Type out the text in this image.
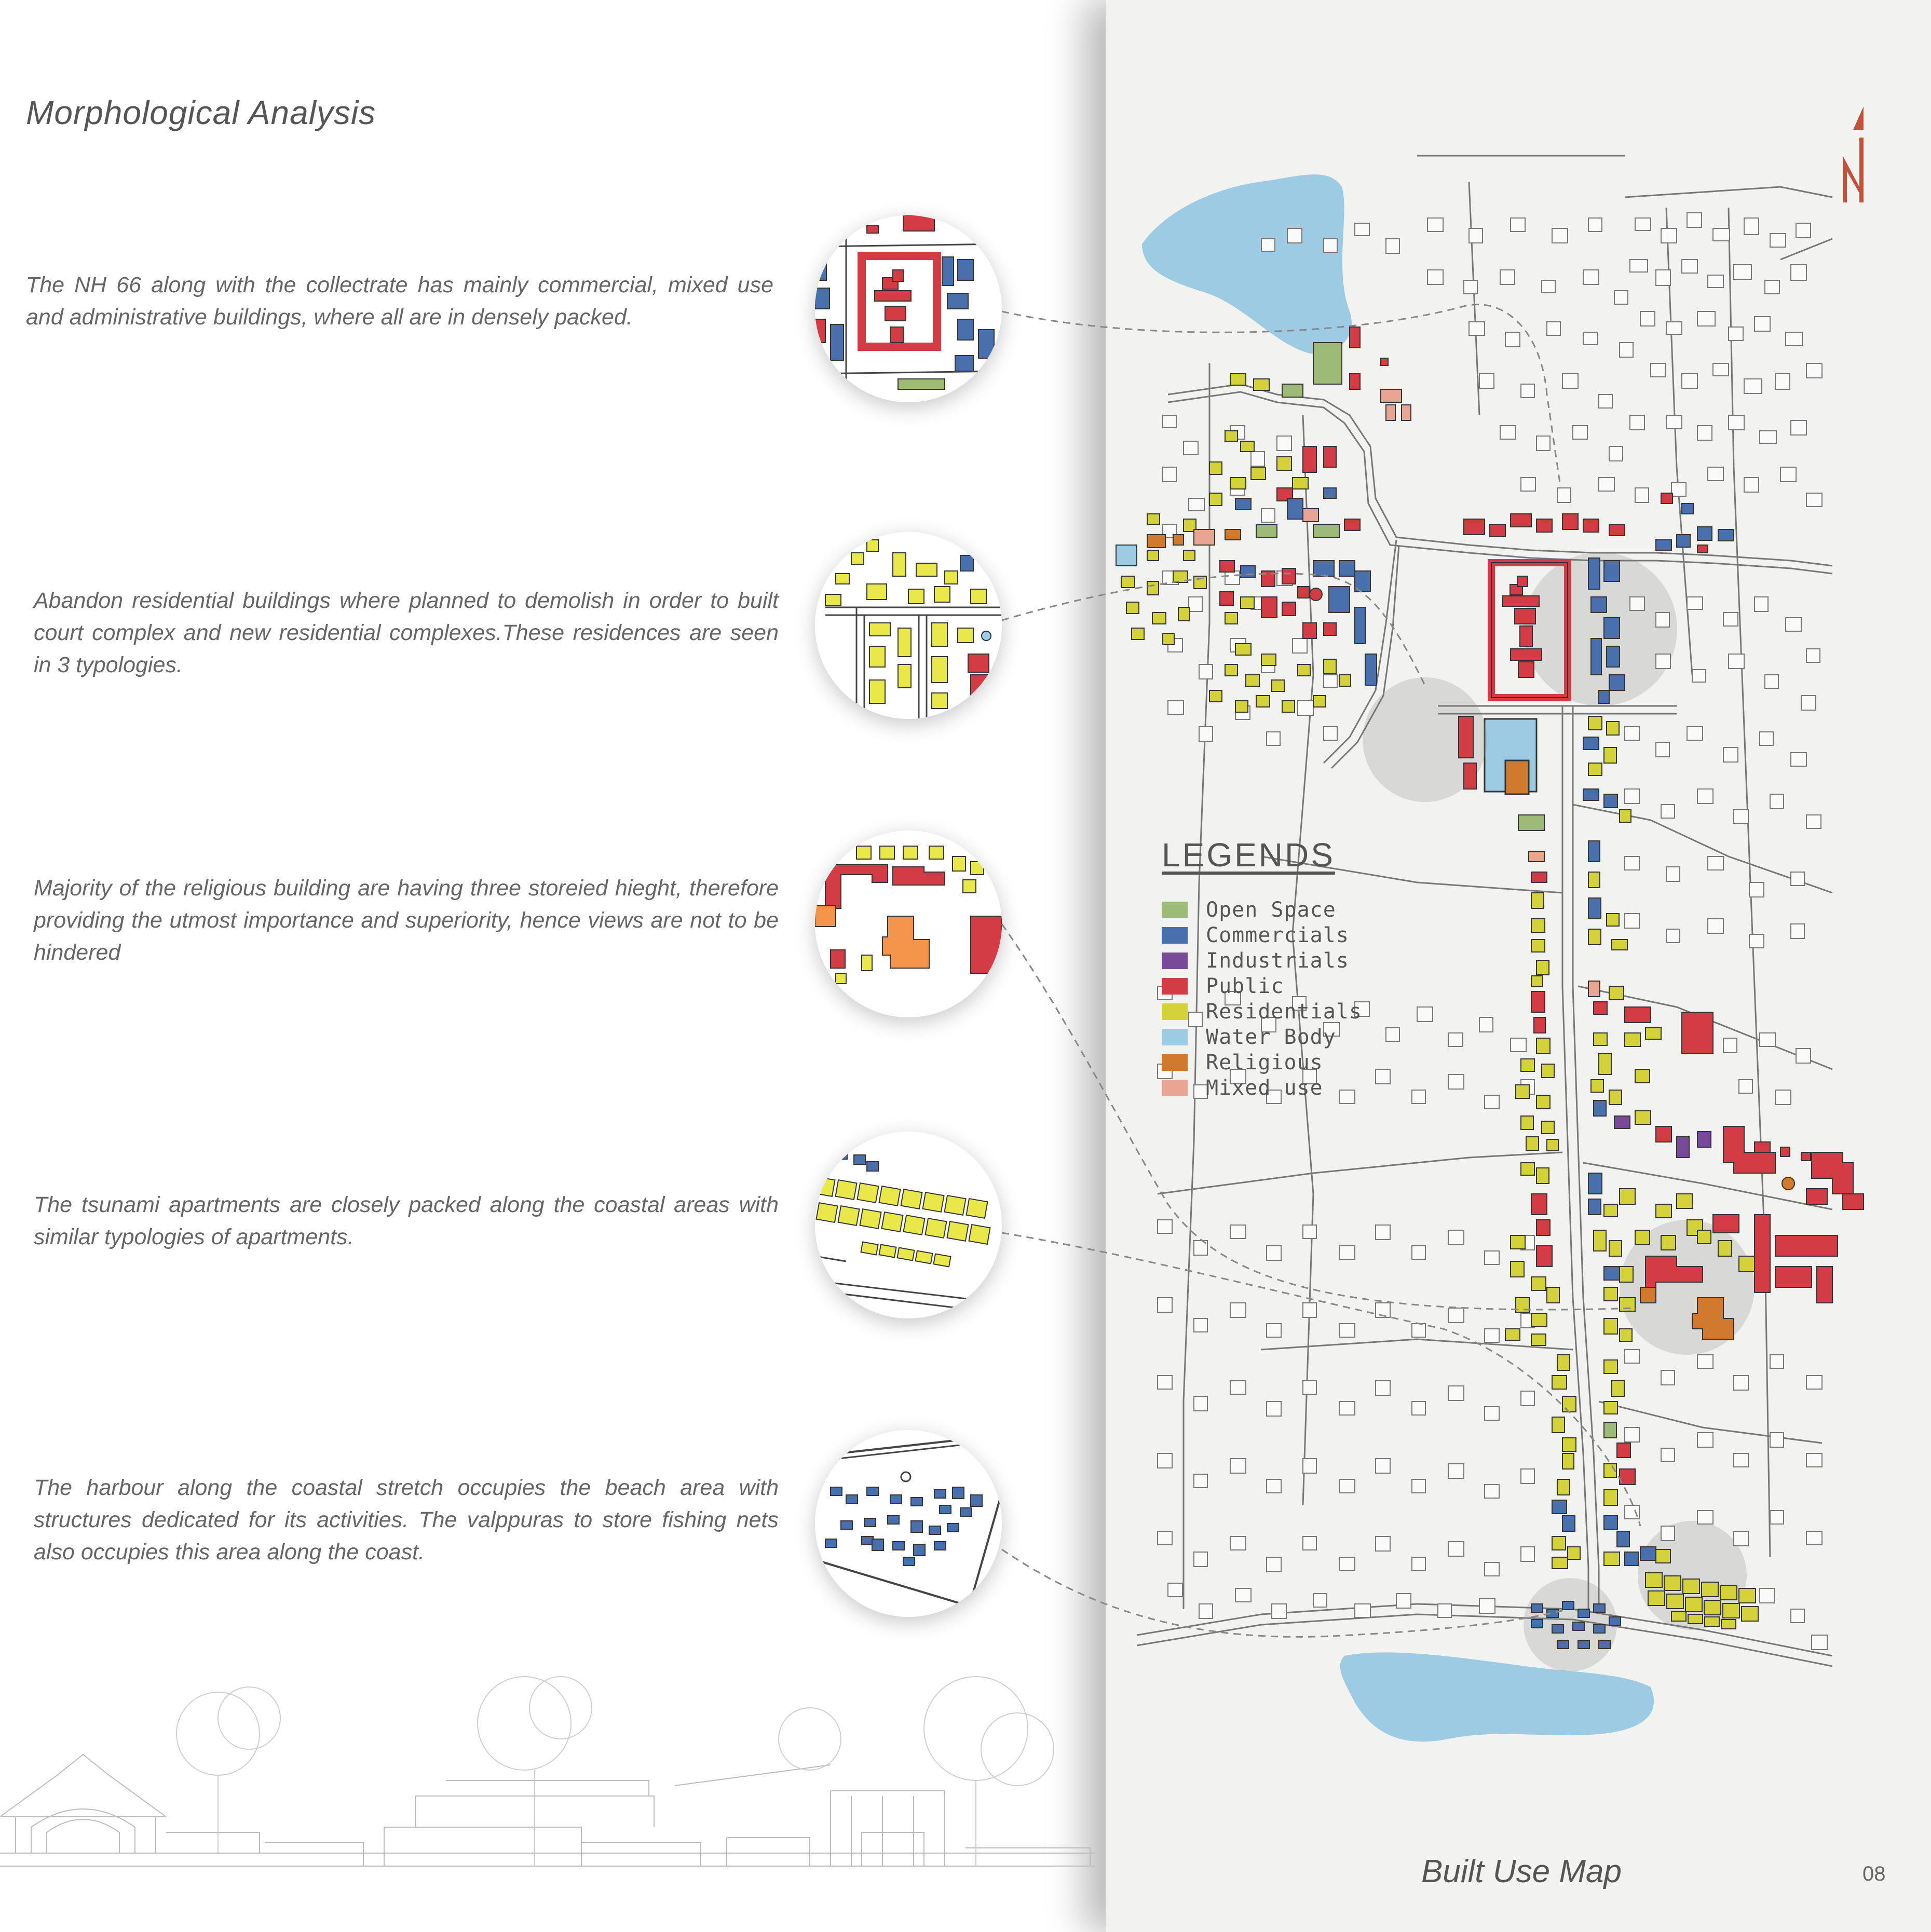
Morphological Analysis
The NH 66 along with the collectrate has mainly commercial, mixed use and administrative buildings, where all are in densely packed.
Abandon residential buildings where planned to demolish in order to built court complex and new residential complexes.These residences are seen in 3 typologies.
Majority of the religious building are having three storeied hieght, therefore providing the utmost importance and superiority, hence views are not to be hindered
The tsunami apartments are closely packed along the coastal areas with similar typologies of apartments.
The harbour along the coastal stretch occupies the beach area with structures dedicated for its activities. The valppuras to store fishing nets also occupies this area along the coast.
LEGENDS
Open Space
Commercials
Industrials
Public
Residentials
Water Body
Religious
Mixed use
Built Use Map	08
